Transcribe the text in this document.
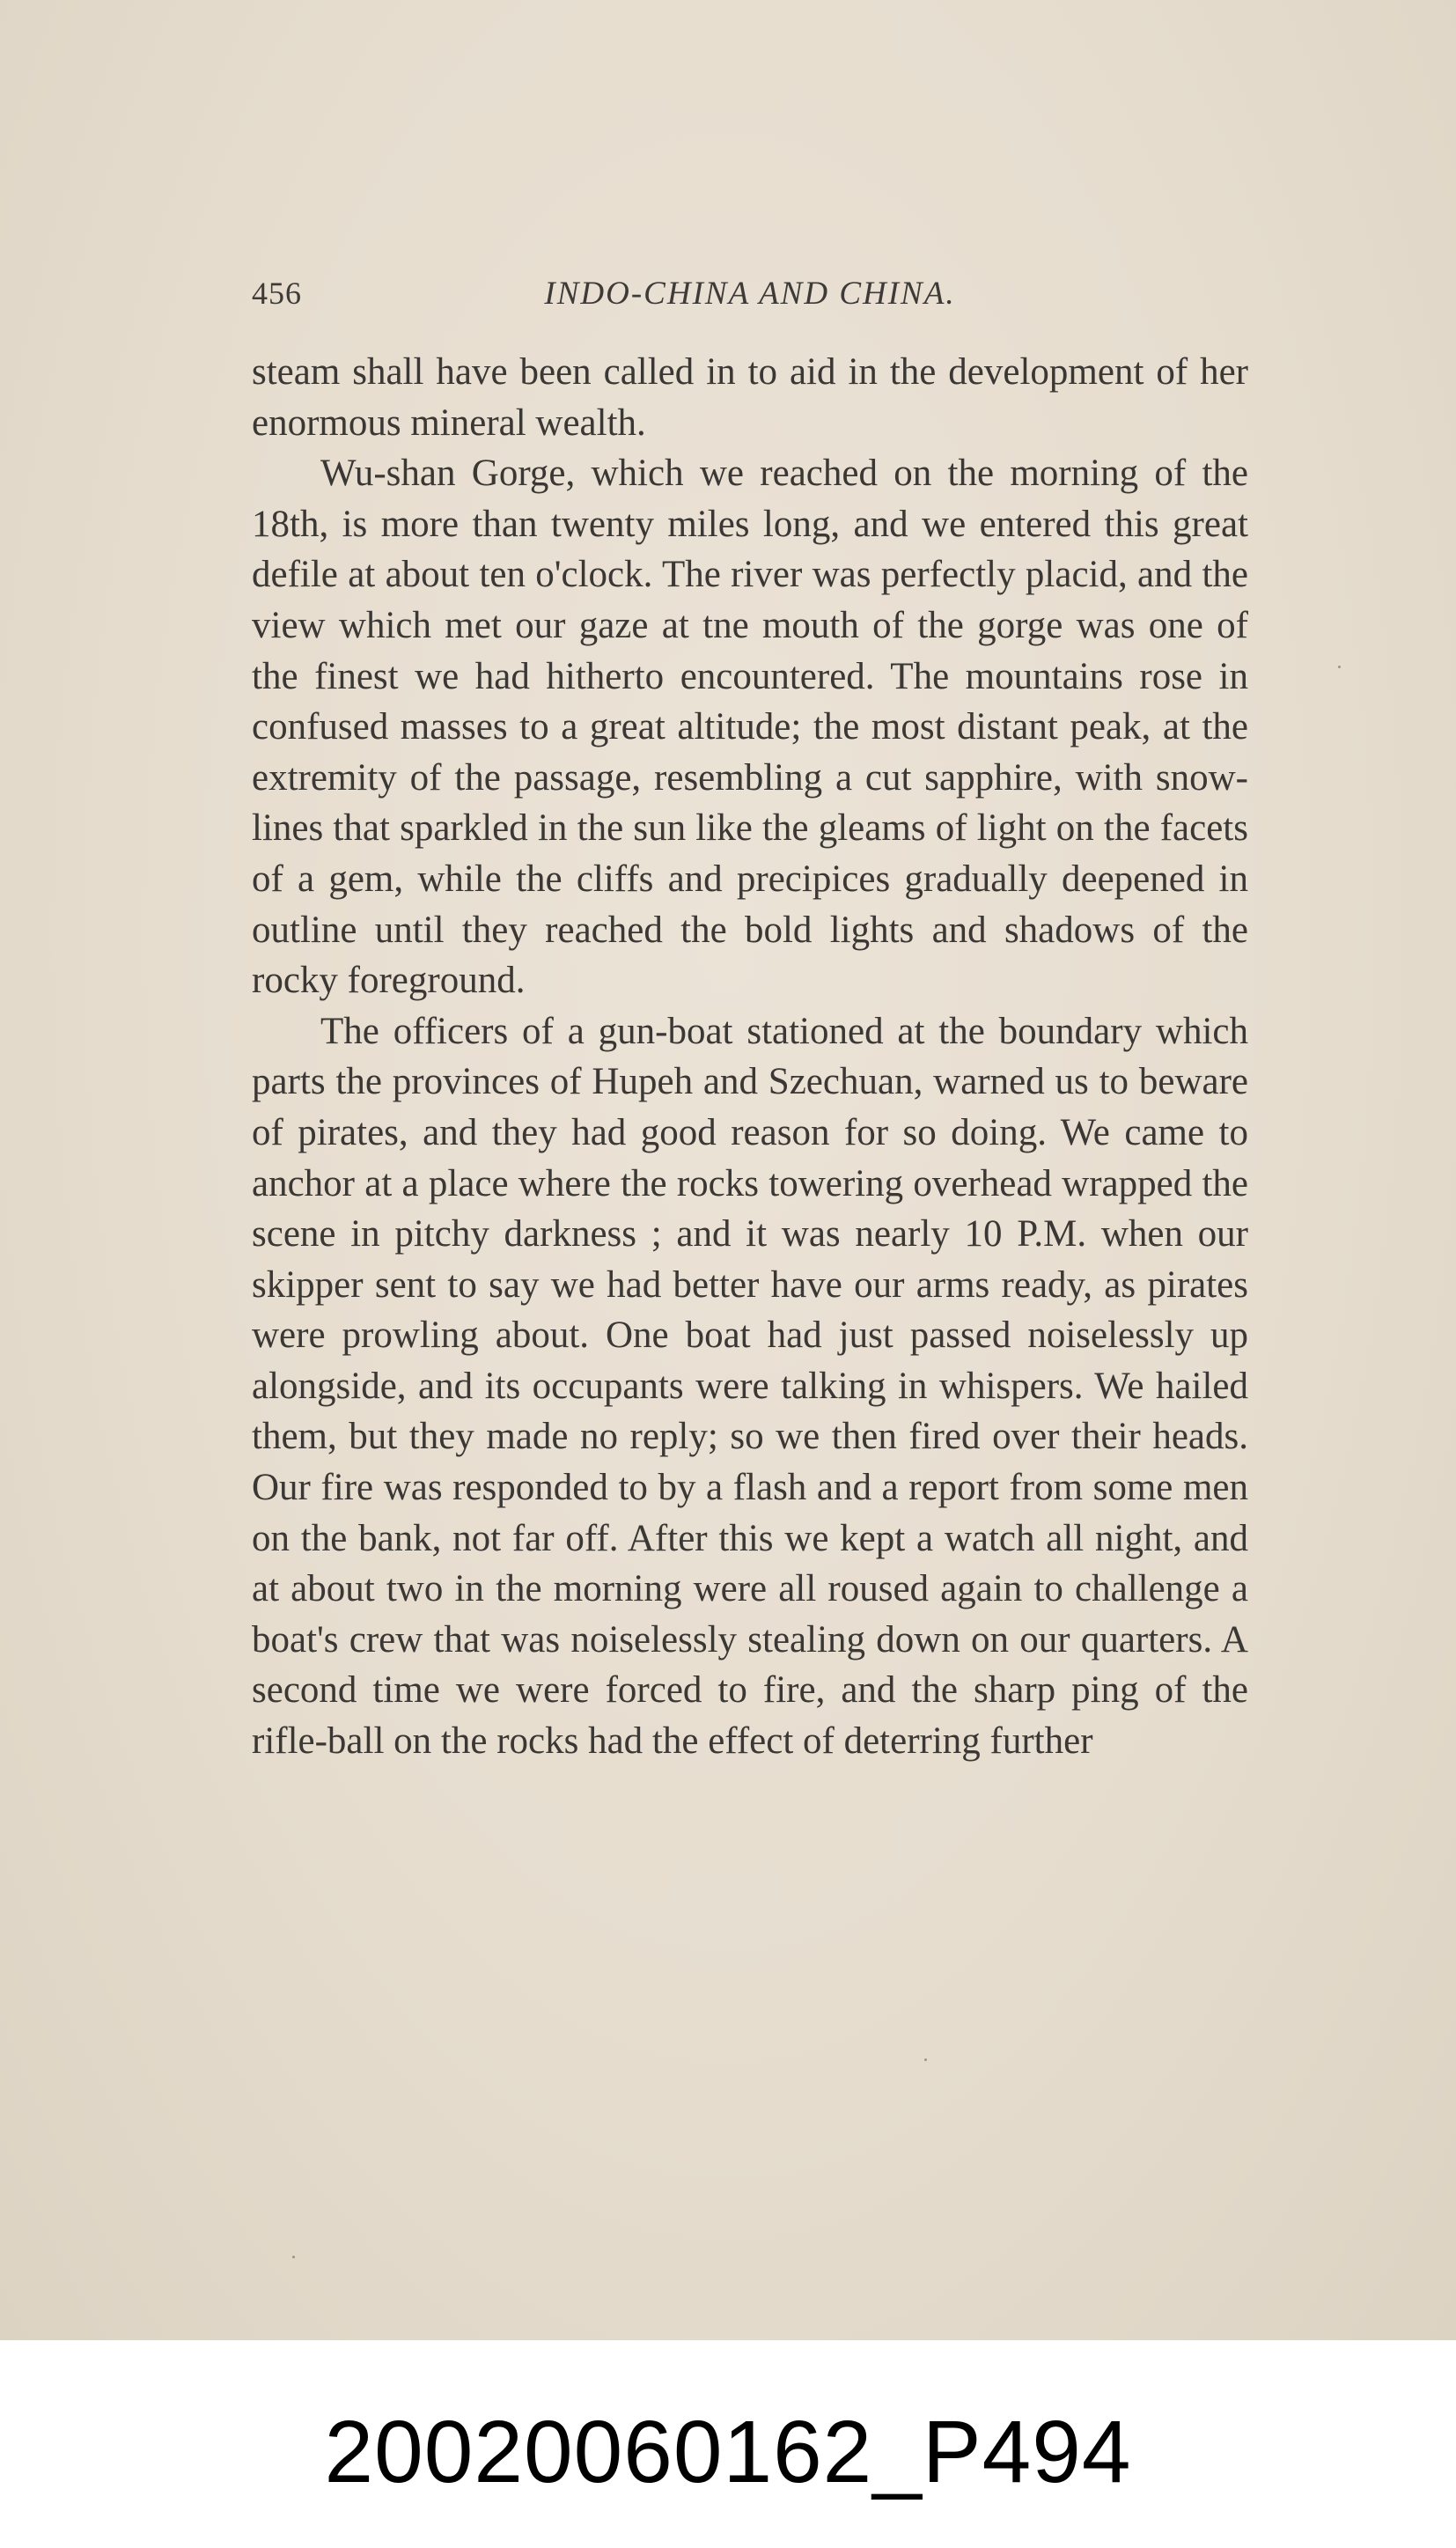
456	INDO-CHINA AND CHINA.

steam shall have been called in to aid in the development of her enormous mineral wealth.

Wu-shan Gorge, which we reached on the morning of the 18th, is more than twenty miles long, and we entered this great defile at about ten o'clock. The river was perfectly placid, and the view which met our gaze at tne mouth of the gorge was one of the finest we had hitherto encountered. The mountains rose in confused masses to a great altitude; the most distant peak, at the extremity of the passage, resembling a cut sapphire, with snow-lines that sparkled in the sun like the gleams of light on the facets of a gem, while the cliffs and precipices gradually deepened in outline until they reached the bold lights and shadows of the rocky foreground.

The officers of a gun-boat stationed at the boundary which parts the provinces of Hupeh and Szechuan, warned us to beware of pirates, and they had good reason for so doing. We came to anchor at a place where the rocks towering overhead wrapped the scene in pitchy darkness ; and it was nearly 10 P.M. when our skipper sent to say we had better have our arms ready, as pirates were prowling about. One boat had just passed noiselessly up alongside, and its occupants were talking in whispers. We hailed them, but they made no reply; so we then fired over their heads. Our fire was responded to by a flash and a report from some men on the bank, not far off. After this we kept a watch all night, and at about two in the morning were all roused again to challenge a boat's crew that was noiselessly stealing down on our quarters. A second time we were forced to fire, and the sharp ping of the rifle-ball on the rocks had the effect of deterring further

20020060162_P494
